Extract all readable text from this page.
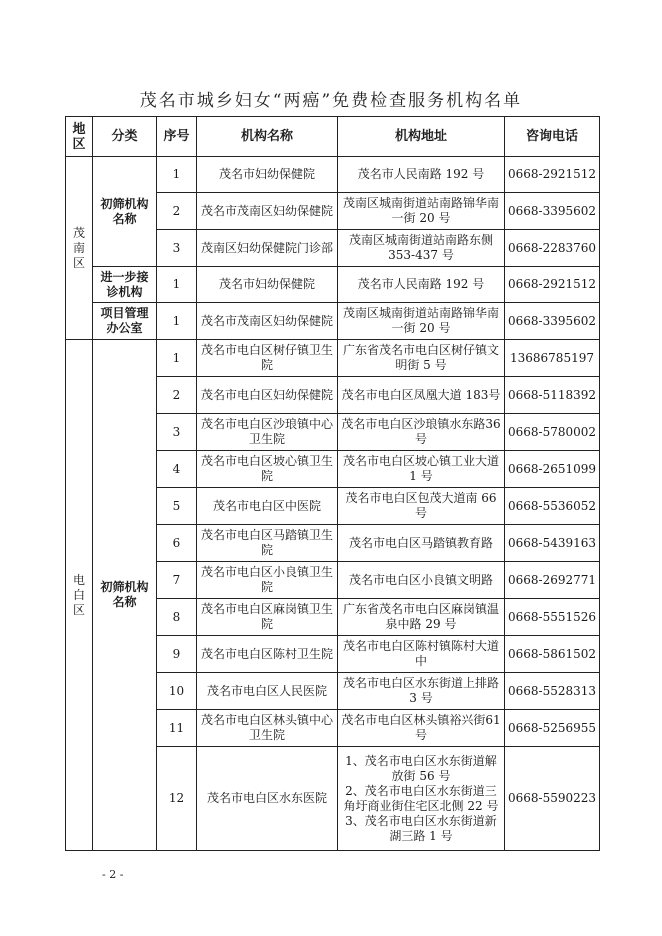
茂名市城乡妇女“两癌”免费检查服务机构名单
地区	分类	序号	机构名称	机构地址	咨询电话

茂南区	初筛机构名称	1	茂名市妇幼保健院	茂名市人民南路 192 号	0668-2921512
		2	茂名市茂南区妇幼保健院	茂南区城南街道站南路锦华南一街 20 号	0668-3395602
		3	茂南区妇幼保健院门诊部	茂南区城南街道站南路东侧353-437 号	0668-2283760
	进一步接诊机构	1	茂名市妇幼保健院	茂名市人民南路 192 号	0668-2921512
	项目管理办公室	1	茂名市茂南区妇幼保健院	茂南区城南街道站南路锦华南一街 20 号	0668-3395602

电白区	初筛机构名称	1	茂名市电白区树仔镇卫生院	广东省茂名市电白区树仔镇文明街 5 号	13686785197
		2	茂名市电白区妇幼保健院	茂名市电白区凤凰大道 183号	0668-5118392
		3	茂名市电白区沙琅镇中心卫生院	茂名市电白区沙琅镇水东路36 号	0668-5780002
		4	茂名市电白区坡心镇卫生院	茂名市电白区坡心镇工业大道 1 号	0668-2651099
		5	茂名市电白区中医院	茂名市电白区包茂大道南 66号	0668-5536052
		6	茂名市电白区马踏镇卫生院	茂名市电白区马踏镇教育路	0668-5439163
		7	茂名市电白区小良镇卫生院	茂名市电白区小良镇文明路	0668-2692771
		8	茂名市电白区麻岗镇卫生院	广东省茂名市电白区麻岗镇温泉中路 29 号	0668-5551526
		9	茂名市电白区陈村卫生院	茂名市电白区陈村镇陈村大道中	0668-5861502
		10	茂名市电白区人民医院	茂名市电白区水东街道上排路 3 号	0668-5528313
		11	茂名市电白区林头镇中心卫生院	茂名市电白区林头镇裕兴街61 号	0668-5256955
		12	茂名市电白区水东医院	1、茂名市电白区水东街道解放街 56 号
2、茂名市电白区水东街道三角圩商业街住宅区北侧 22 号
3、茂名市电白区水东街道新湖三路 1 号	0668-5590223
- 2 -
